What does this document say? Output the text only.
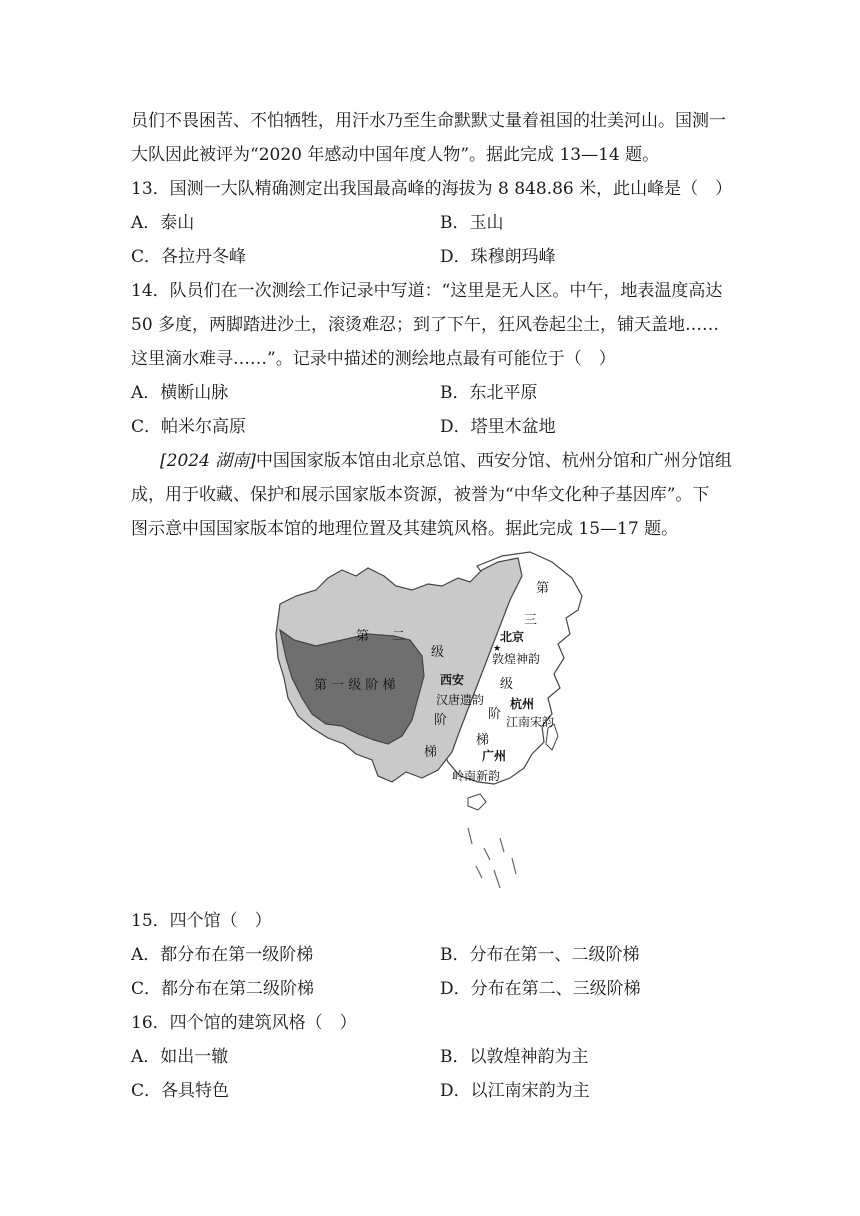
员们不畏困苦、不怕牺牲，用汗水乃至生命默默丈量着祖国的壮美河山。国测一
大队因此被评为“2020 年感动中国年度人物”。据此完成 13—14 题。
13．国测一大队精确测定出我国最高峰的海拔为 8 848.86 米，此山峰是（　）
A．泰山	B．玉山
C．各拉丹冬峰	D．珠穆朗玛峰
14．队员们在一次测绘工作记录中写道：“这里是无人区。中午，地表温度高达
50 多度，两脚踏进沙土，滚烫难忍；到了下午，狂风卷起尘土，铺天盖地……
这里滴水难寻……”。记录中描述的测绘地点最有可能位于（　）
A．横断山脉	B．东北平原
C．帕米尔高原	D．塔里木盆地
[2024 湖南]中国国家版本馆由北京总馆、西安分馆、杭州分馆和广州分馆组
成，用于收藏、保护和展示国家版本资源，被誉为“中华文化种子基因库”。下
图示意中国国家版本馆的地理位置及其建筑风格。据此完成 15—17 题。
第 一 级 阶 梯
第 二
级
阶
梯
第
三
级
阶
梯
北京
★
敦煌神韵
西安
汉唐遗韵 杭州
江南宋韵
广州
岭南新韵
15．四个馆（　）
A．都分布在第一级阶梯	B．分布在第一、二级阶梯
C．都分布在第二级阶梯	D．分布在第二、三级阶梯
16．四个馆的建筑风格（　）
A．如出一辙	B．以敦煌神韵为主
C．各具特色	D．以江南宋韵为主
